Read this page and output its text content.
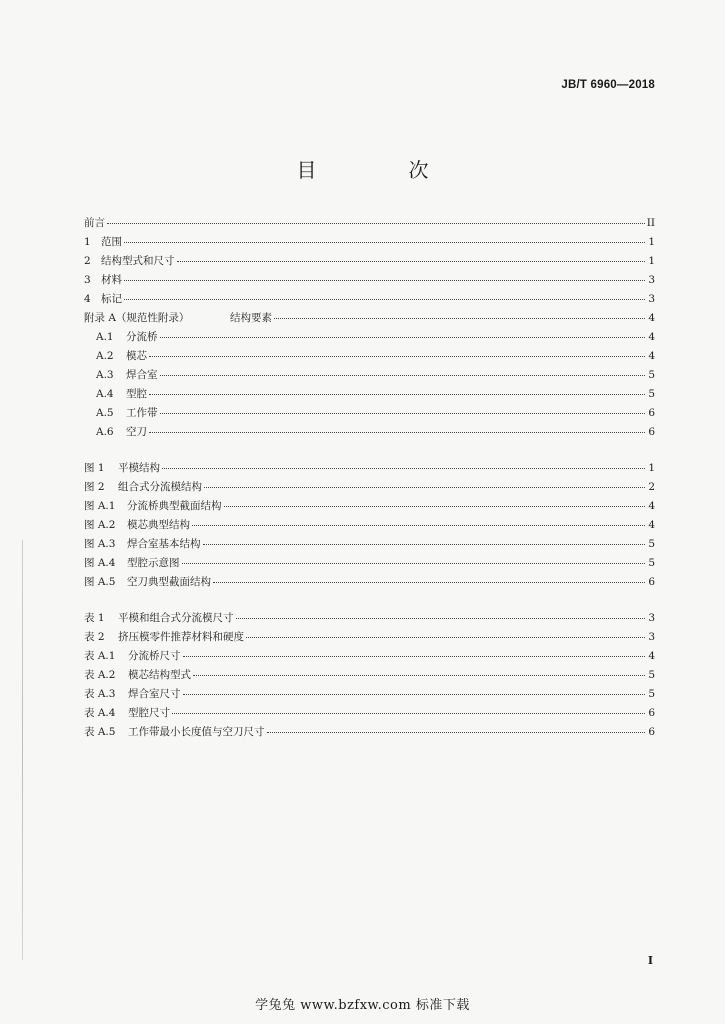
JB/T 6960—2018
目　次
前言	II
1 范围	1
2 结构型式和尺寸	1
3 材料	3
4 标记	3
附录 A（规范性附录）	结构要素	4
A.1	分流桥	4
A.2	模芯	4
A.3	焊合室	5
A.4	型腔	5
A.5	工作带	6
A.6	空刀	6
图 1	平模结构	1
图 2	组合式分流模结构	2
图 A.1	分流桥典型截面结构	4
图 A.2	模芯典型结构	4
图 A.3	焊合室基本结构	5
图 A.4	型腔示意图	5
图 A.5	空刀典型截面结构	6
表 1	平模和组合式分流模尺寸	3
表 2	挤压模零件推荐材料和硬度	3
表 A.1	分流桥尺寸	4
表 A.2	模芯结构型式	5
表 A.3	焊合室尺寸	5
表 A.4	型腔尺寸	6
表 A.5	工作带最小长度值与空刀尺寸	6
I
学兔兔 www.bzfxw.com 标准下载
